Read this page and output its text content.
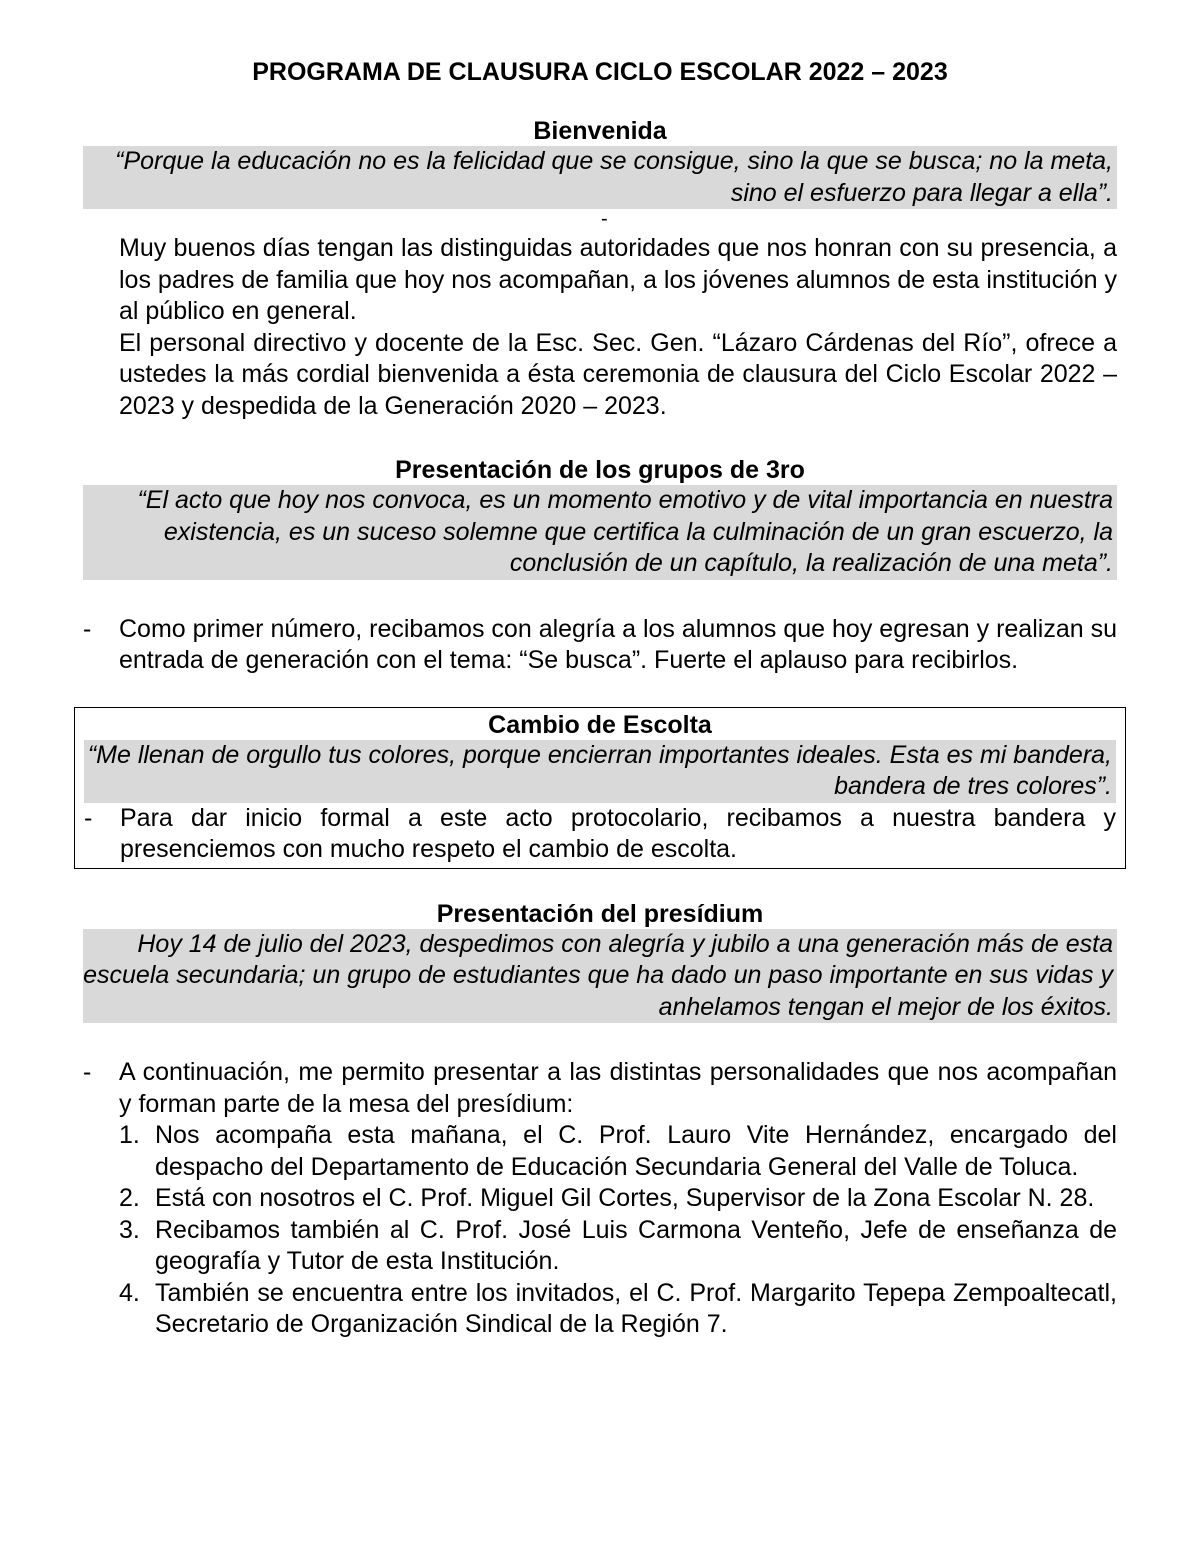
PROGRAMA DE CLAUSURA CICLO ESCOLAR 2022 – 2023
Bienvenida

“Porque la educación no es la felicidad que se consigue, sino la que se busca; no la meta, sino el esfuerzo para llegar a ella”.

-

Muy buenos días tengan las distinguidas autoridades que nos honran con su presencia, a los padres de familia que hoy nos acompañan, a los jóvenes alumnos de esta institución y al público en general.

El personal directivo y docente de la Esc. Sec. Gen. “Lázaro Cárdenas del Río”, ofrece a ustedes la más cordial bienvenida a ésta ceremonia de clausura del Ciclo Escolar 2022 – 2023 y despedida de la Generación 2020 – 2023.

Presentación de los grupos de 3ro

“El acto que hoy nos convoca, es un momento emotivo y de vital importancia en nuestra existencia, es un suceso solemne que certifica la culminación de un gran escuerzo, la conclusión de un capítulo, la realización de una meta”.

- Como primer número, recibamos con alegría a los alumnos que hoy egresan y realizan su entrada de generación con el tema: “Se busca”. Fuerte el aplauso para recibirlos.

Cambio de Escolta

“Me llenan de orgullo tus colores, porque encierran importantes ideales. Esta es mi bandera, bandera de tres colores”.

- Para dar inicio formal a este acto protocolario, recibamos a nuestra bandera y presenciemos con mucho respeto el cambio de escolta.

Presentación del presídium

Hoy 14 de julio del 2023, despedimos con alegría y jubilo a una generación más de esta escuela secundaria; un grupo de estudiantes que ha dado un paso importante en sus vidas y anhelamos tengan el mejor de los éxitos.

- A continuación, me permito presentar a las distintas personalidades que nos acompañan y forman parte de la mesa del presídium:

1. Nos acompaña esta mañana, el C. Prof. Lauro Vite Hernández, encargado del despacho del Departamento de Educación Secundaria General del Valle de Toluca.
2. Está con nosotros el C. Prof. Miguel Gil Cortes, Supervisor de la Zona Escolar N. 28.
3. Recibamos también al C. Prof. José Luis Carmona Venteño, Jefe de enseñanza de geografía y Tutor de esta Institución.
4. También se encuentra entre los invitados, el C. Prof. Margarito Tepepa Zempoaltecatl, Secretario de Organización Sindical de la Región 7.
